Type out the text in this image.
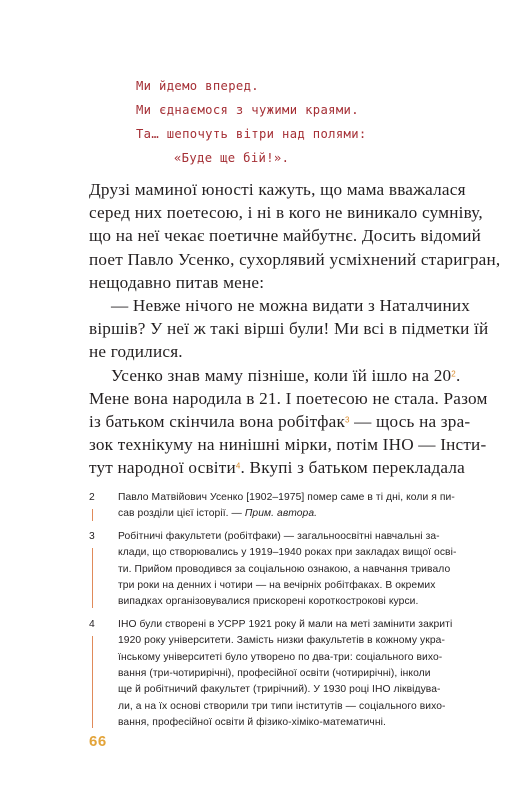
Ми йдемо вперед.
Ми єднаємося з чужими краями.
Та… шепочуть вітри над полями:
«Буде ще бій!».
Друзі маминої юності кажуть, що мама вважалася
серед них поетесою, і ні в кого не виникало сумніву,
що на неї чекає поетичне майбутнє. Досить відомий
поет Павло Усенко, сухорлявий усміхнений старигран,
нещодавно питав мене:
— Невже нічого не можна видати з Наталчиних
віршів? У неї ж такі вірші були! Ми всі в підметки їй
не годилися.
Усенко знав маму пізніше, коли їй ішло на 20$^2$.
Мене вона народила в 21. І поетесою не стала. Разом
із батьком скінчила вона робітфак$^3$ — щось на зра-
зок технікуму на нинішні мірки, потім ІНО — Інсти-
тут народної освіти$^4$. Вкупі з батьком перекладала
2	Павло Матвійович Усенко [1902–1975] помер саме в ті дні, коли я пи-
сав розділи цієї історії. — Прим. автора.
3	Робітничі факультети (робітфаки) — загальноосвітні навчальні за-
клади, що створювались у 1919–1940 роках при закладах вищої осві-
ти. Прийом проводився за соціальною ознакою, а навчання тривало
три роки на денних і чотири — на вечірніх робітфаках. В окремих
випадках організовувалися прискорені короткострокові курси.
4	ІНО були створені в УСРР 1921 року й мали на меті замінити закриті
1920 року університети. Замість низки факультетів в кожному укра-
їнському університеті було утворено по два-три: соціального вихо-
вання (три-чотирирічні), професійної освіти (чотирирічні), інколи
ще й робітничий факультет (трирічний). У 1930 році ІНО ліквідува-
ли, а на їх основі створили три типи інститутів — соціального вихо-
вання, професійної освіти й фізико-хіміко-математичні.
66
